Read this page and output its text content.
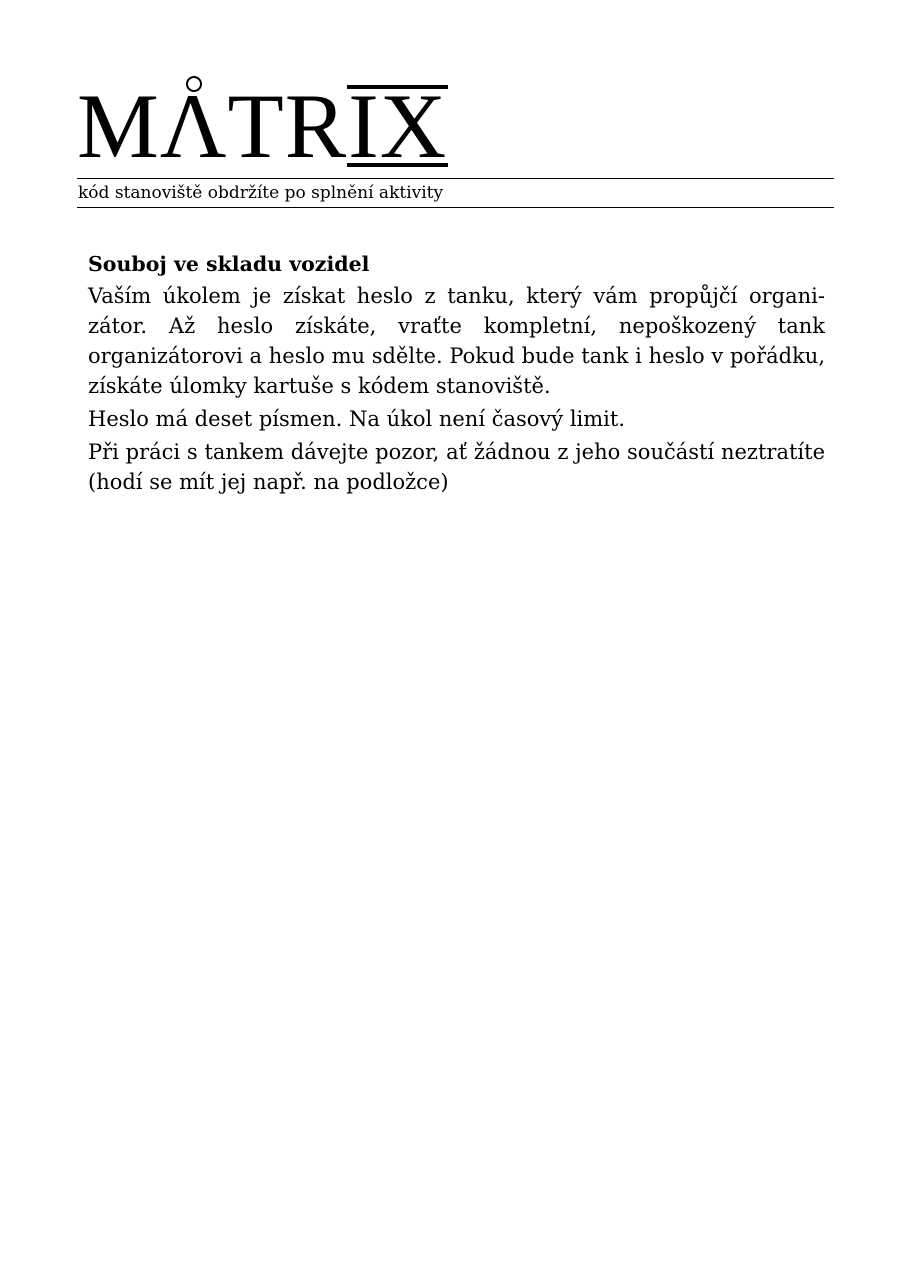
M
ΛTRIX
kód stanoviště obdržíte po splnění aktivity
Souboj ve skladu vozidel

Vaším úkolem je získat heslo z tanku, který vám propůjčí organizátor. Až heslo získáte, vraťte kompletní, nepoškozený tank organizátorovi a heslo mu sdělte. Pokud bude tank i heslo v pořádku, získáte úlomky kartuše s kódem stanoviště.

Heslo má deset písmen. Na úkol není časový limit.

Při práci s tankem dávejte pozor, ať žádnou z jeho součástí neztratíte (hodí se mít jej např. na podložce)
